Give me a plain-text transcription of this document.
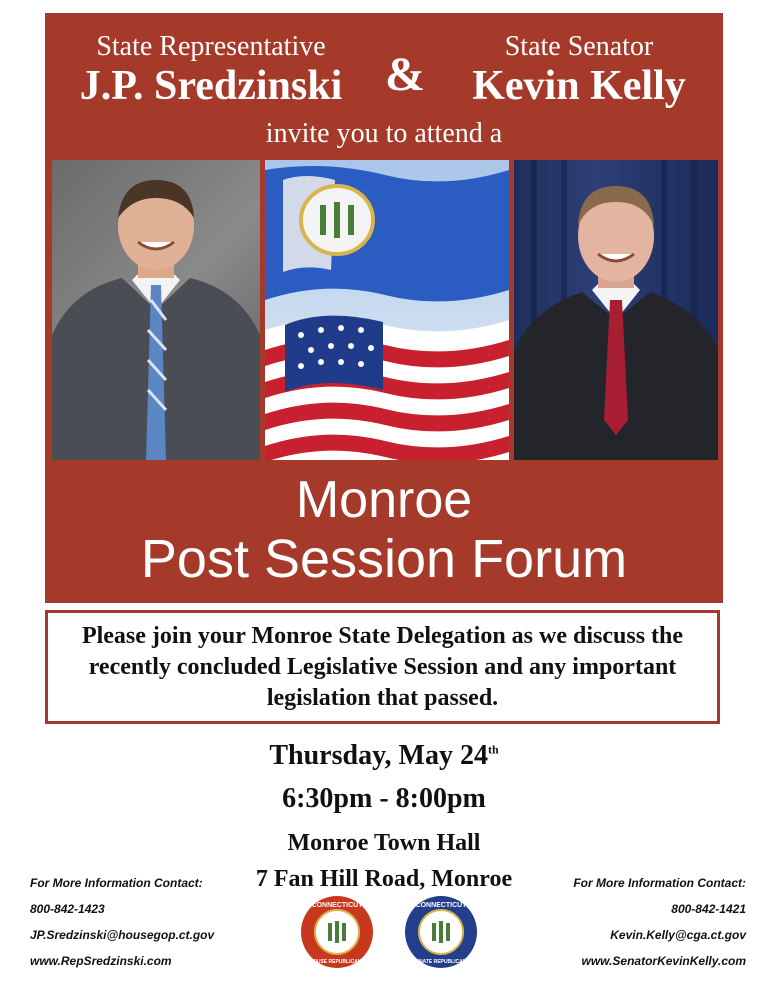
State Representative
J.P. Sredzinski &
State Senator
Kevin Kelly
invite you to attend a
Monroe
Post Session Forum
Please join your Monroe State Delegation as we discuss the recently concluded Legislative Session and any important legislation that passed.
Thursday, May 24th
6:30pm - 8:00pm
Monroe Town Hall
7 Fan Hill Road, Monroe
For More Information Contact:
800-842-1423
JP.Sredzinski@housegop.ct.gov
www.RepSredzinski.com
For More Information Contact:
800-842-1421
Kevin.Kelly@cga.ct.gov
www.SenatorKevinKelly.com
CONNECTICUT
HOUSE REPUBLICANS
CONNECTICUT
SENATE REPUBLICANS
